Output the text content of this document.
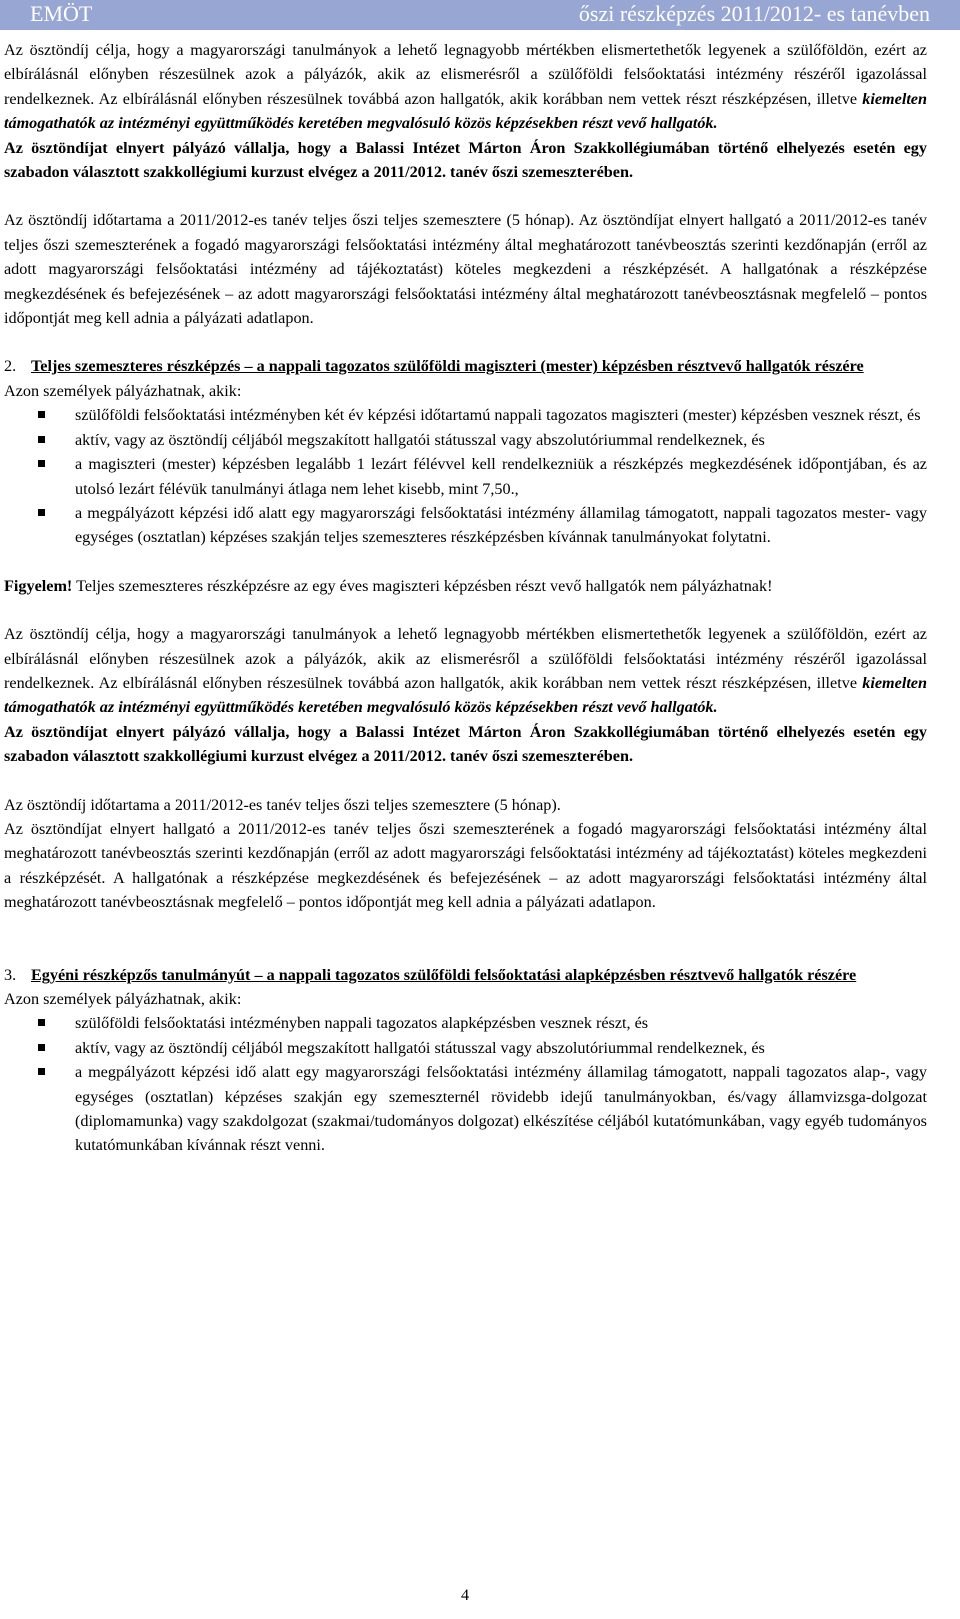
EMÖT	őszi részképzés 2011/2012- es tanévben

Az ösztöndíj célja, hogy a magyarországi tanulmányok a lehető legnagyobb mértékben elismertethetők legyenek a szülőföldön, ezért az elbírálásnál előnyben részesülnek azok a pályázók, akik az elismerésről a szülőföldi felsőoktatási intézmény részéről igazolással rendelkeznek. Az elbírálásnál előnyben részesülnek továbbá azon hallgatók, akik korábban nem vettek részt részképzésen, illetve kiemelten támogathatók az intézményi együttműködés keretében megvalósuló közös képzésekben részt vevő hallgatók.

Az ösztöndíjat elnyert pályázó vállalja, hogy a Balassi Intézet Márton Áron Szakkollégiumában történő elhelyezés esetén egy szabadon választott szakkollégiumi kurzust elvégez a 2011/2012. tanév őszi szemeszterében.

Az ösztöndíj időtartama a 2011/2012-es tanév teljes őszi teljes szemesztere (5 hónap). Az ösztöndíjat elnyert hallgató a 2011/2012-es tanév teljes őszi szemeszterének a fogadó magyarországi felsőoktatási intézmény által meghatározott tanévbeosztás szerinti kezdőnapján (erről az adott magyarországi felsőoktatási intézmény ad tájékoztatást) köteles megkezdeni a részképzését. A hallgatónak a részképzése megkezdésének és befejezésének – az adott magyarországi felsőoktatási intézmény által meghatározott tanévbeosztásnak megfelelő – pontos időpontját meg kell adnia a pályázati adatlapon.

2. Teljes szemeszteres részképzés – a nappali tagozatos szülőföldi magiszteri (mester) képzésben résztvevő hallgatók részére

Azon személyek pályázhatnak, akik:

szülőföldi felsőoktatási intézményben két év képzési időtartamú nappali tagozatos magiszteri (mester) képzésben vesznek részt, és
aktív, vagy az ösztöndíj céljából megszakított hallgatói státusszal vagy abszolutóriummal rendelkeznek, és
a magiszteri (mester) képzésben legalább 1 lezárt félévvel kell rendelkezniük a részképzés megkezdésének időpontjában, és az utolsó lezárt félévük tanulmányi átlaga nem lehet kisebb, mint 7,50.,
a megpályázott képzési idő alatt egy magyarországi felsőoktatási intézmény államilag támogatott, nappali tagozatos mester- vagy egységes (osztatlan) képzéses szakján teljes szemeszteres részképzésben kívánnak tanulmányokat folytatni.

Figyelem! Teljes szemeszteres részképzésre az egy éves magiszteri képzésben részt vevő hallgatók nem pályázhatnak!

Az ösztöndíj célja, hogy a magyarországi tanulmányok a lehető legnagyobb mértékben elismertethetők legyenek a szülőföldön, ezért az elbírálásnál előnyben részesülnek azok a pályázók, akik az elismerésről a szülőföldi felsőoktatási intézmény részéről igazolással rendelkeznek. Az elbírálásnál előnyben részesülnek továbbá azon hallgatók, akik korábban nem vettek részt részképzésen, illetve kiemelten támogathatók az intézményi együttműködés keretében megvalósuló közös képzésekben részt vevő hallgatók.

Az ösztöndíjat elnyert pályázó vállalja, hogy a Balassi Intézet Márton Áron Szakkollégiumában történő elhelyezés esetén egy szabadon választott szakkollégiumi kurzust elvégez a 2011/2012. tanév őszi szemeszterében.

Az ösztöndíj időtartama a 2011/2012-es tanév teljes őszi teljes szemesztere (5 hónap).

Az ösztöndíjat elnyert hallgató a 2011/2012-es tanév teljes őszi szemeszterének a fogadó magyarországi felsőoktatási intézmény által meghatározott tanévbeosztás szerinti kezdőnapján (erről az adott magyarországi felsőoktatási intézmény ad tájékoztatást) köteles megkezdeni a részképzését. A hallgatónak a részképzése megkezdésének és befejezésének – az adott magyarországi felsőoktatási intézmény által meghatározott tanévbeosztásnak megfelelő – pontos időpontját meg kell adnia a pályázati adatlapon.

3. Egyéni részképzős tanulmányút – a nappali tagozatos szülőföldi felsőoktatási alapképzésben résztvevő hallgatók részére

Azon személyek pályázhatnak, akik:

szülőföldi felsőoktatási intézményben nappali tagozatos alapképzésben vesznek részt, és
aktív, vagy az ösztöndíj céljából megszakított hallgatói státusszal vagy abszolutóriummal rendelkeznek, és
a megpályázott képzési idő alatt egy magyarországi felsőoktatási intézmény államilag támogatott, nappali tagozatos alap-, vagy egységes (osztatlan) képzéses szakján egy szemeszternél rövidebb idejű tanulmányokban, és/vagy államvizsga-dolgozat (diplomamunka) vagy szakdolgozat (szakmai/tudományos dolgozat) elkészítése céljából kutatómunkában, vagy egyéb tudományos kutatómunkában kívánnak részt venni.
4
